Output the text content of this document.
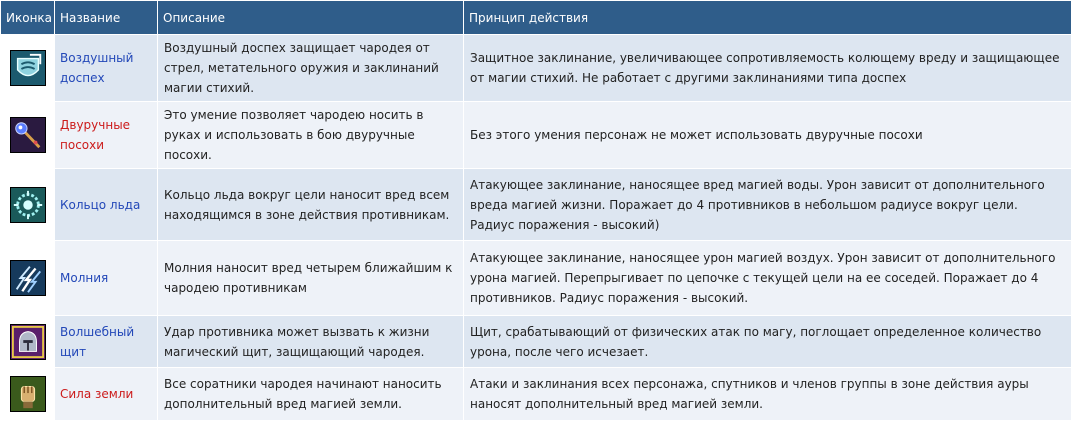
Иконка	Название	Описание	Принцип действия
	Воздушный доспех	Воздушный доспех защищает чародея от стрел, метательного оружия и заклинаний магии стихий.	Защитное заклинание, увеличивающее сопротивляемость колющему вреду и защищающее от магии стихий. Не работает с другими заклинаниями типа доспех
	Двуручные посохи	Это умение позволяет чародею носить в руках и использовать в бою двуручные посохи.	Без этого умения персонаж не может использовать двуручные посохи
	Кольцо льда	Кольцо льда вокруг цели наносит вред всем находящимся в зоне действия противникам.	Атакующее заклинание, наносящее вред магией воды. Урон зависит от дополнительного вреда магией жизни. Поражает до 4 противников в небольшом радиусе вокруг цели. Радиус поражения - высокий)
	Молния	Молния наносит вред четырем ближайшим к чародею противникам	Атакующее заклинание, наносящее урон магией воздух. Урон зависит от дополнительного урона магией. Перепрыгивает по цепочке с текущей цели на ее соседей. Поражает до 4 противников. Радиус поражения - высокий.
	Волшебный щит	Удар противника может вызвать к жизни магический щит, защищающий чародея.	Щит, срабатывающий от физических атак по магу, поглощает определенное количество урона, после чего исчезает.
	Сила земли	Все соратники чародея начинают наносить дополнительный вред магией земли.	Атаки и заклинания всех персонажа, спутников и членов группы в зоне действия ауры наносят дополнительный вред магией земли.
